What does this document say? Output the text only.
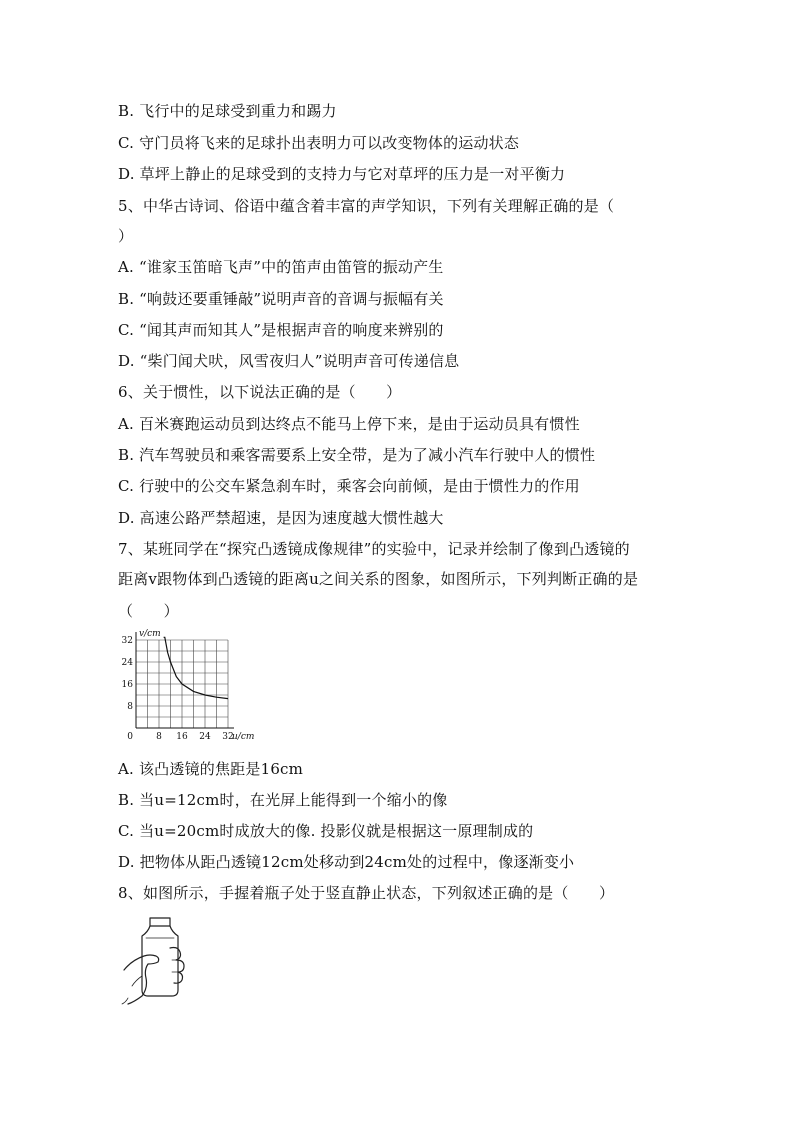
B. 飞行中的足球受到重力和踢力
C. 守门员将飞来的足球扑出表明力可以改变物体的运动状态
D. 草坪上静止的足球受到的支持力与它对草坪的压力是一对平衡力
5、中华古诗词、俗语中蕴含着丰富的声学知识，下列有关理解正确的是（
）
A. “谁家玉笛暗飞声”中的笛声由笛管的振动产生
B. “响鼓还要重锤敲”说明声音的音调与振幅有关
C. “闻其声而知其人”是根据声音的响度来辨别的
D. “柴门闻犬吠，风雪夜归人”说明声音可传递信息
6、关于惯性，以下说法正确的是（　　）
A. 百米赛跑运动员到达终点不能马上停下来，是由于运动员具有惯性
B. 汽车驾驶员和乘客需要系上安全带，是为了减小汽车行驶中人的惯性
C. 行驶中的公交车紧急刹车时，乘客会向前倾，是由于惯性力的作用
D. 高速公路严禁超速，是因为速度越大惯性越大
7、某班同学在“探究凸透镜成像规律”的实验中，记录并绘制了像到凸透镜的
距离v跟物体到凸透镜的距离u之间关系的图象，如图所示，下列判断正确的是
（　　）
8 16 24 32
8
16
24
32
0	u/cm
v/cm
A. 该凸透镜的焦距是16cm
B. 当u=12cm时，在光屏上能得到一个缩小的像
C. 当u=20cm时成放大的像. 投影仪就是根据这一原理制成的
D. 把物体从距凸透镜12cm处移动到24cm处的过程中，像逐渐变小
8、如图所示，手握着瓶子处于竖直静止状态，下列叙述正确的是（　　）
